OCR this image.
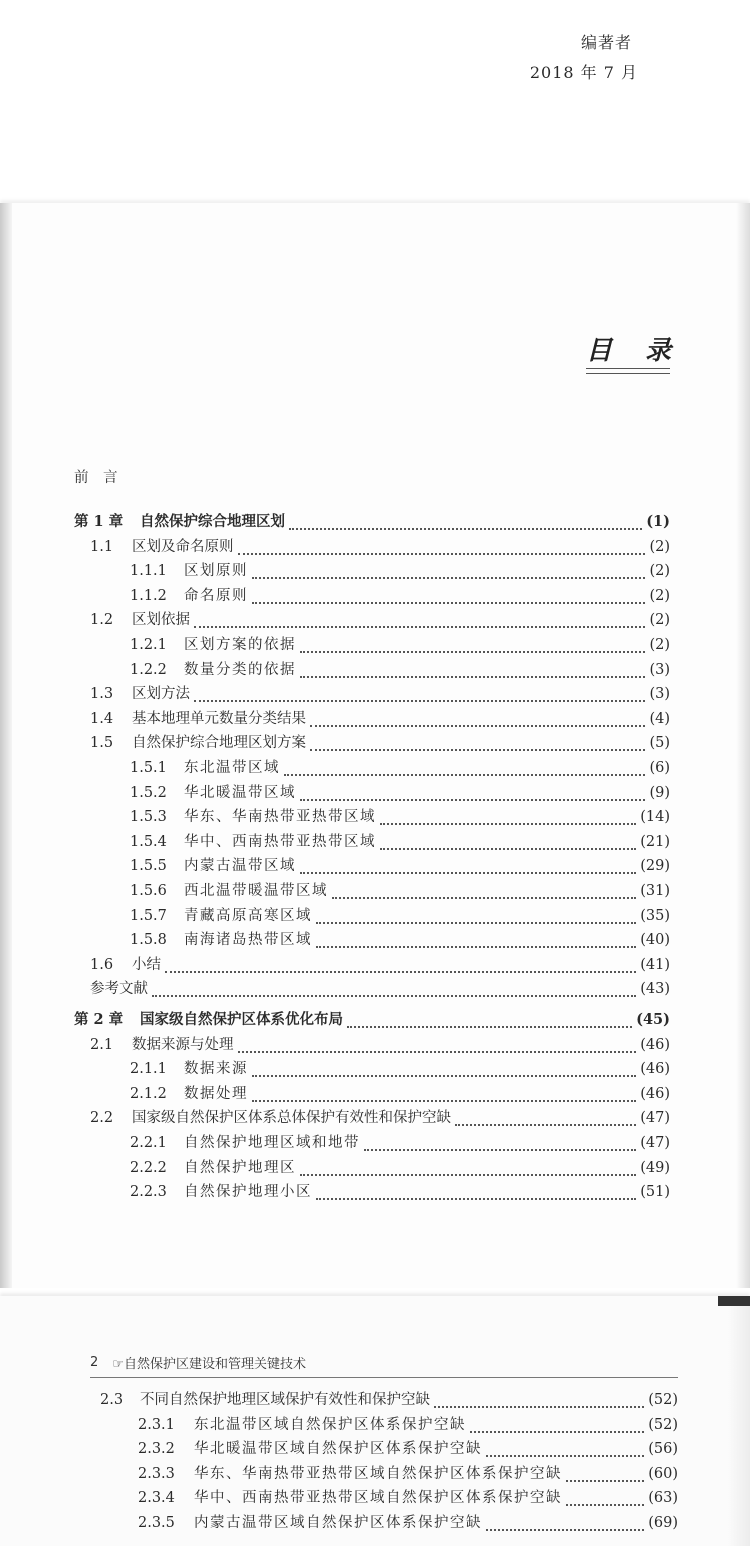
编著者
2018 年 7 月
目 录
前　言
第 1 章	自然保护综合地理区划	(1)
1.1	区划及命名原则	(2)
1.1.1	区划原则	(2)
1.1.2	命名原则	(2)
1.2	区划依据	(2)
1.2.1	区划方案的依据	(2)
1.2.2	数量分类的依据	(3)
1.3	区划方法	(3)
1.4	基本地理单元数量分类结果	(4)
1.5	自然保护综合地理区划方案	(5)
1.5.1	东北温带区域	(6)
1.5.2	华北暖温带区域	(9)
1.5.3	华东、华南热带亚热带区域	(14)
1.5.4	华中、西南热带亚热带区域	(21)
1.5.5	内蒙古温带区域	(29)
1.5.6	西北温带暖温带区域	(31)
1.5.7	青藏高原高寒区域	(35)
1.5.8	南海诸岛热带区域	(40)
1.6	小结	(41)
参考文献	(43)
第 2 章	国家级自然保护区体系优化布局	(45)
2.1	数据来源与处理	(46)
2.1.1	数据来源	(46)
2.1.2	数据处理	(46)
2.2	国家级自然保护区体系总体保护有效性和保护空缺	(47)
2.2.1	自然保护地理区域和地带	(47)
2.2.2	自然保护地理区	(49)
2.2.3	自然保护地理小区	(51)
2 ☞自然保护区建设和管理关键技术
2.3	不同自然保护地理区域保护有效性和保护空缺	(52)
2.3.1	东北温带区域自然保护区体系保护空缺	(52)
2.3.2	华北暖温带区域自然保护区体系保护空缺	(56)
2.3.3	华东、华南热带亚热带区域自然保护区体系保护空缺	(60)
2.3.4	华中、西南热带亚热带区域自然保护区体系保护空缺	(63)
2.3.5	内蒙古温带区域自然保护区体系保护空缺	(69)
